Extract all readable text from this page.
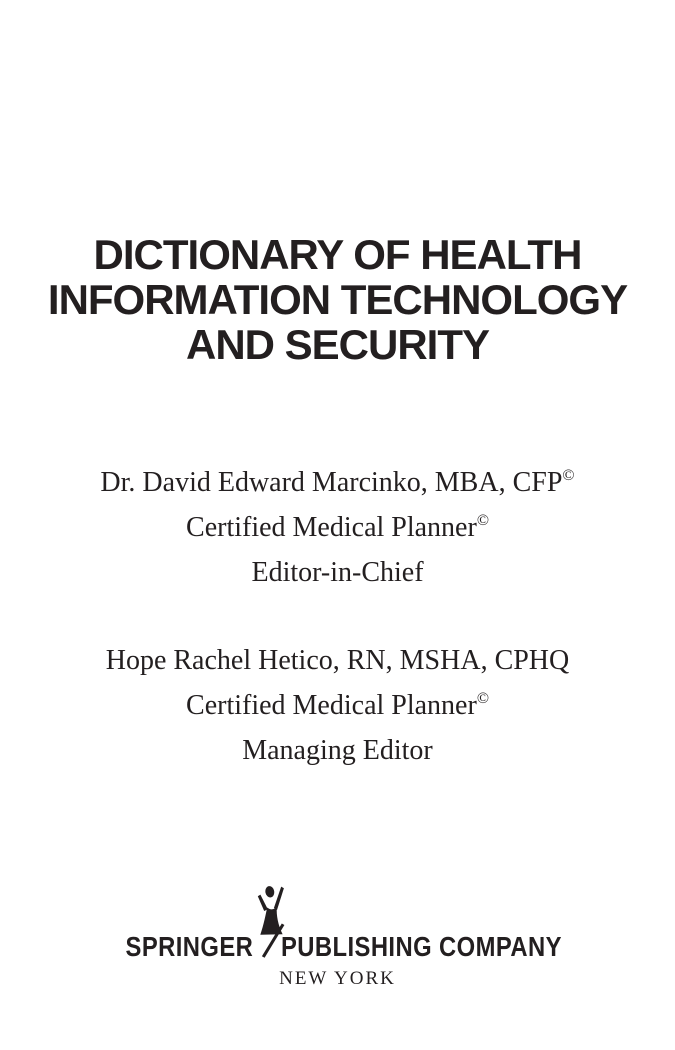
DICTIONARY OF HEALTH
INFORMATION TECHNOLOGY
AND SECURITY
Dr. David Edward Marcinko, MBA, CFP©
Certified Medical Planner©
Editor-in-Chief
Hope Rachel Hetico, RN, MSHA, CPHQ
Certified Medical Planner©
Managing Editor
SPRINGER PUBLISHING COMPANY
NEW YORK
